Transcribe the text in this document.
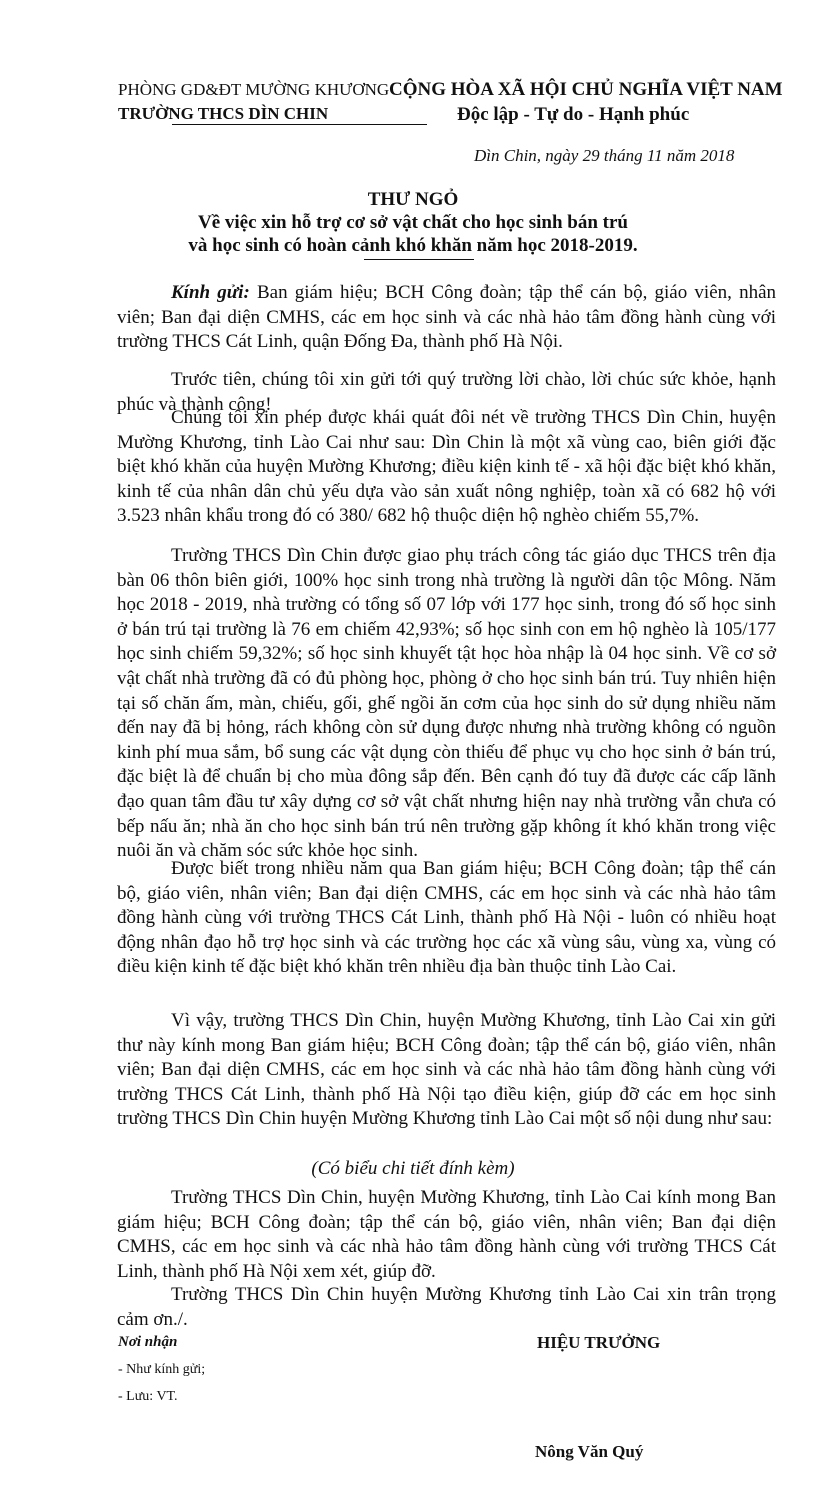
PHÒNG GD&ĐT MƯỜNG KHƯƠNG
TRƯỜNG THCS DÌN CHIN
CỘNG HÒA XÃ HỘI CHỦ NGHĨA VIỆT NAM
Độc lập - Tự do - Hạnh phúc
Dìn Chin, ngày 29 tháng 11 năm 2018
THƯ NGỎ
Về việc xin hỗ trợ cơ sở vật chất cho học sinh bán trú
và học sinh có hoàn cảnh khó khăn năm học 2018-2019.

Kính gửi: Ban giám hiệu; BCH Công đoàn; tập thể cán bộ, giáo viên, nhân viên; Ban đại diện CMHS, các em học sinh và các nhà hảo tâm đồng hành cùng với trường THCS Cát Linh, quận Đống Đa, thành phố Hà Nội.

Trước tiên, chúng tôi xin gửi tới quý trường lời chào, lời chúc sức khỏe, hạnh phúc và thành công!

Chúng tôi xin phép được khái quát đôi nét về trường THCS Dìn Chin, huyện Mường Khương, tỉnh Lào Cai như sau: Dìn Chin là một xã vùng cao, biên giới đặc biệt khó khăn của huyện Mường Khương; điều kiện kinh tế - xã hội đặc biệt khó khăn, kinh tế của nhân dân chủ yếu dựa vào sản xuất nông nghiệp, toàn xã có 682 hộ với 3.523 nhân khẩu trong đó có 380/ 682 hộ thuộc diện hộ nghèo chiếm 55,7%.

Trường THCS Dìn Chin được giao phụ trách công tác giáo dục THCS trên địa bàn 06 thôn biên giới, 100% học sinh trong nhà trường là người dân tộc Mông. Năm học 2018 - 2019, nhà trường có tổng số 07 lớp với 177 học sinh, trong đó số học sinh ở bán trú tại trường là 76 em chiếm 42,93%; số học sinh con em hộ nghèo là 105/177 học sinh chiếm 59,32%; số học sinh khuyết tật học hòa nhập là 04 học sinh. Về cơ sở vật chất nhà trường đã có đủ phòng học, phòng ở cho học sinh bán trú. Tuy nhiên hiện tại số chăn ấm, màn, chiếu, gối, ghế ngồi ăn cơm của học sinh do sử dụng nhiều năm đến nay đã bị hỏng, rách không còn sử dụng được nhưng nhà trường không có nguồn kinh phí mua sắm, bổ sung các vật dụng còn thiếu để phục vụ cho học sinh ở bán trú, đặc biệt là để chuẩn bị cho mùa đông sắp đến. Bên cạnh đó tuy đã được các cấp lãnh đạo quan tâm đầu tư xây dựng cơ sở vật chất nhưng hiện nay nhà trường vẫn chưa có bếp nấu ăn; nhà ăn cho học sinh bán trú nên trường gặp không ít khó khăn trong việc nuôi ăn và chăm sóc sức khỏe học sinh.

Được biết trong nhiều năm qua Ban giám hiệu; BCH Công đoàn; tập thể cán bộ, giáo viên, nhân viên; Ban đại diện CMHS, các em học sinh và các nhà hảo tâm đồng hành cùng với trường THCS Cát Linh, thành phố Hà Nội - luôn có nhiều hoạt động nhân đạo hỗ trợ học sinh và các trường học các xã vùng sâu, vùng xa, vùng có điều kiện kinh tế đặc biệt khó khăn trên nhiều địa bàn thuộc tỉnh Lào Cai.

Vì vậy, trường THCS Dìn Chin, huyện Mường Khương, tỉnh Lào Cai xin gửi thư này kính mong Ban giám hiệu; BCH Công đoàn; tập thể cán bộ, giáo viên, nhân viên; Ban đại diện CMHS, các em học sinh và các nhà hảo tâm đồng hành cùng với trường THCS Cát Linh, thành phố Hà Nội tạo điều kiện, giúp đỡ các em học sinh trường THCS Dìn Chin huyện Mường Khương tỉnh Lào Cai một số nội dung như sau:

(Có biểu chi tiết đính kèm)

Trường THCS Dìn Chin, huyện Mường Khương, tỉnh Lào Cai kính mong Ban giám hiệu; BCH Công đoàn; tập thể cán bộ, giáo viên, nhân viên; Ban đại diện CMHS, các em học sinh và các nhà hảo tâm đồng hành cùng với trường THCS Cát Linh, thành phố Hà Nội xem xét, giúp đỡ.

Trường THCS Dìn Chin huyện Mường Khương tỉnh Lào Cai xin trân trọng cảm ơn./.

Nơi nhận
- Như kính gửi;
- Lưu: VT.
HIỆU TRƯỞNG
Nông Văn Quý
